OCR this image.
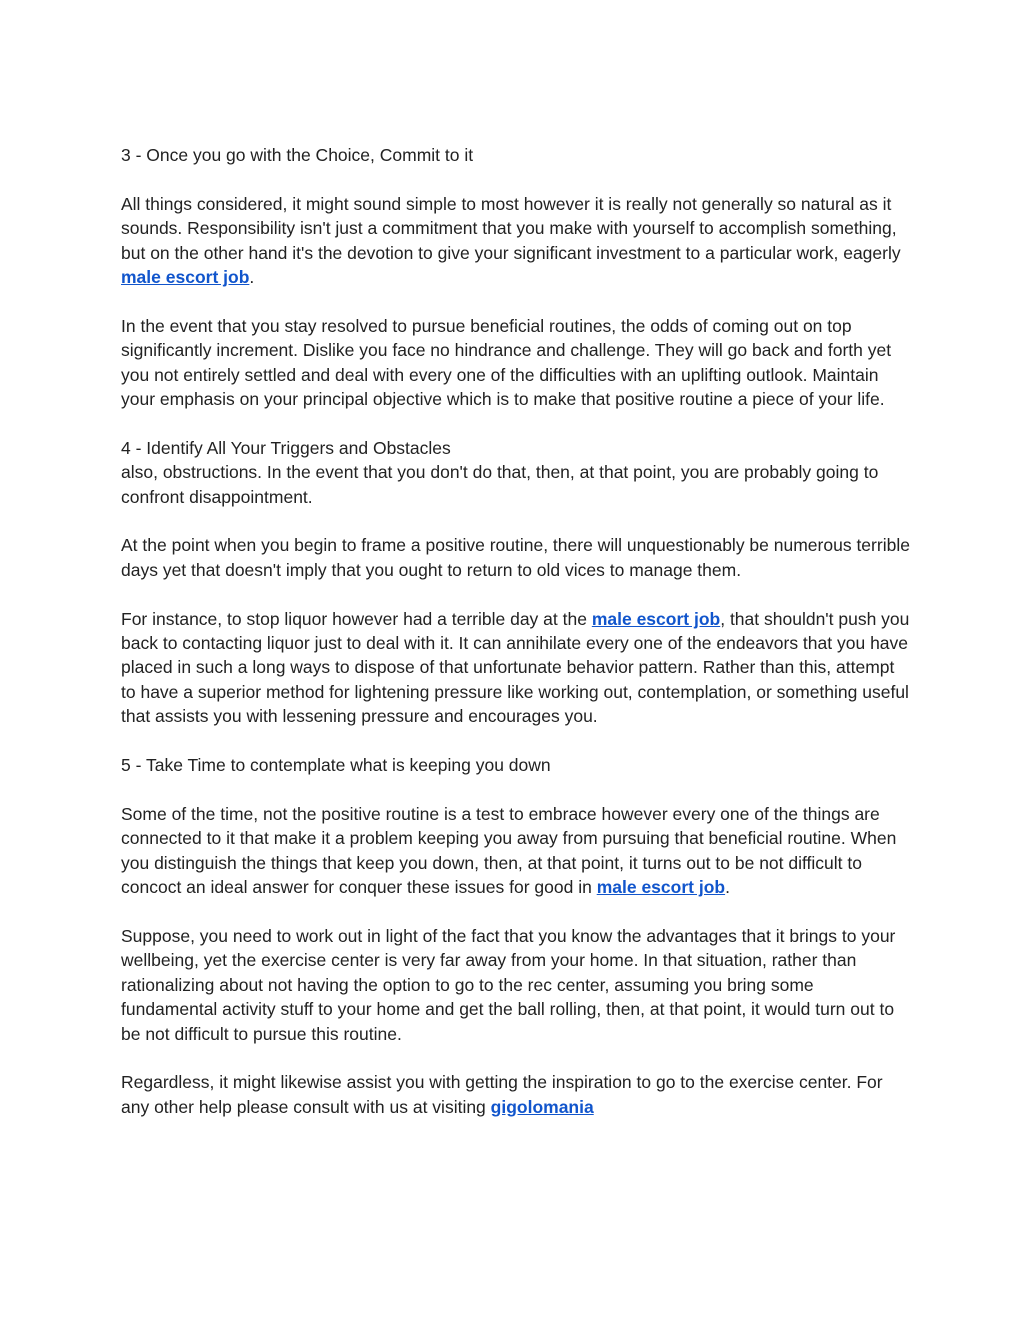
3 - Once you go with the Choice, Commit to it

All things considered, it might sound simple to most however it is really not generally so natural as it sounds. Responsibility isn't just a commitment that you make with yourself to accomplish something, but on the other hand it's the devotion to give your significant investment to a particular work, eagerly male escort job.

In the event that you stay resolved to pursue beneficial routines, the odds of coming out on top significantly increment. Dislike you face no hindrance and challenge. They will go back and forth yet you not entirely settled and deal with every one of the difficulties with an uplifting outlook. Maintain your emphasis on your principal objective which is to make that positive routine a piece of your life.

4 - Identify All Your Triggers and Obstacles

also, obstructions. In the event that you don't do that, then, at that point, you are probably going to confront disappointment.

At the point when you begin to frame a positive routine, there will unquestionably be numerous terrible days yet that doesn't imply that you ought to return to old vices to manage them.

For instance, to stop liquor however had a terrible day at the male escort job, that shouldn't push you back to contacting liquor just to deal with it. It can annihilate every one of the endeavors that you have placed in such a long ways to dispose of that unfortunate behavior pattern. Rather than this, attempt to have a superior method for lightening pressure like working out, contemplation, or something useful that assists you with lessening pressure and encourages you.

5 - Take Time to contemplate what is keeping you down

Some of the time, not the positive routine is a test to embrace however every one of the things are connected to it that make it a problem keeping you away from pursuing that beneficial routine. When you distinguish the things that keep you down, then, at that point, it turns out to be not difficult to concoct an ideal answer for conquer these issues for good in male escort job.

Suppose, you need to work out in light of the fact that you know the advantages that it brings to your wellbeing, yet the exercise center is very far away from your home. In that situation, rather than rationalizing about not having the option to go to the rec center, assuming you bring some fundamental activity stuff to your home and get the ball rolling, then, at that point, it would turn out to be not difficult to pursue this routine.

Regardless, it might likewise assist you with getting the inspiration to go to the exercise center. For any other help please consult with us at visiting gigolomania
